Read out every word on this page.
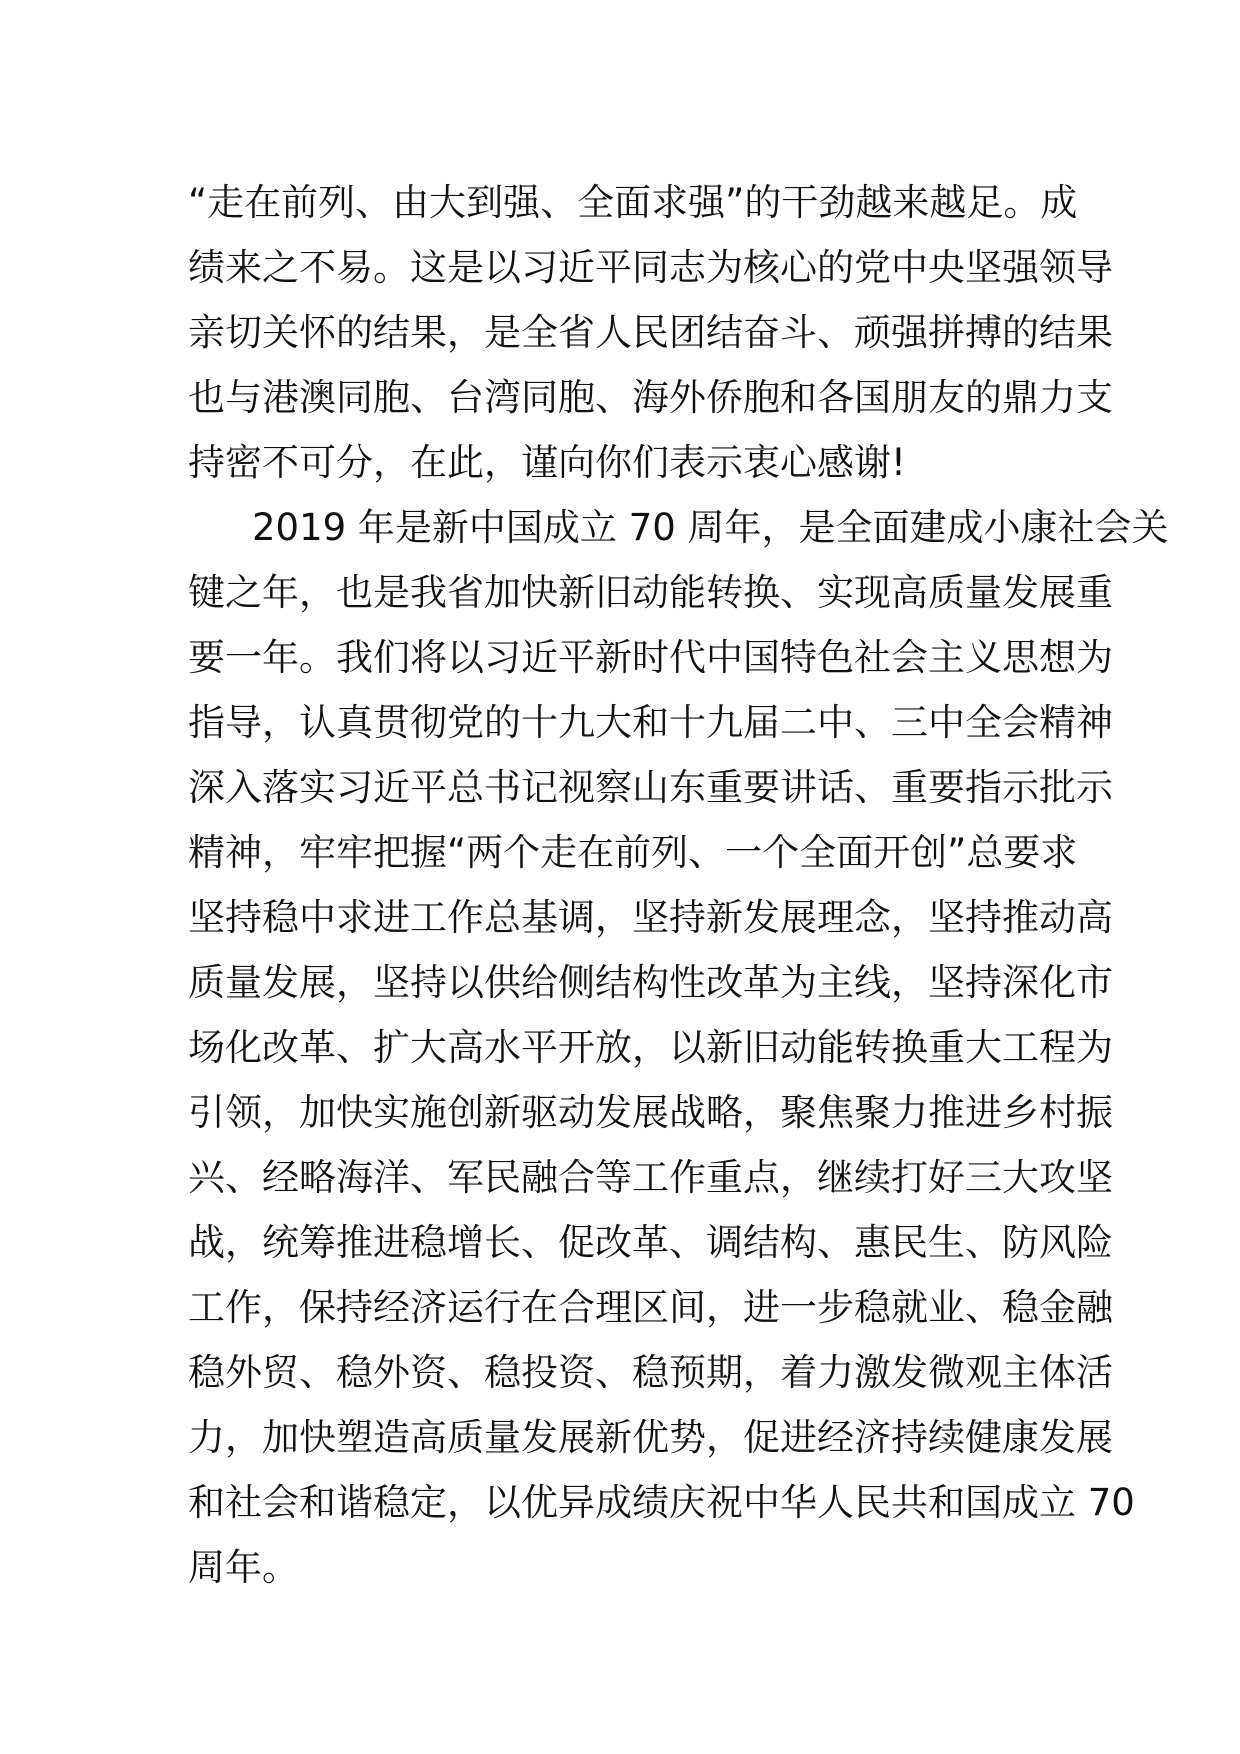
“走在前列、由大到强、全面求强”的干劲越来越足。成
绩来之不易。这是以习近平同志为核心的党中央坚强领导
亲切关怀的结果，是全省人民团结奋斗、顽强拼搏的结果
也与港澳同胞、台湾同胞、海外侨胞和各国朋友的鼎力支
持密不可分，在此，谨向你们表示衷心感谢!
2019 年是新中国成立 70 周年，是全面建成小康社会关
键之年，也是我省加快新旧动能转换、实现高质量发展重
要一年。我们将以习近平新时代中国特色社会主义思想为
指导，认真贯彻党的十九大和十九届二中、三中全会精神
深入落实习近平总书记视察山东重要讲话、重要指示批示
精神，牢牢把握“两个走在前列、一个全面开创”总要求
坚持稳中求进工作总基调，坚持新发展理念，坚持推动高
质量发展，坚持以供给侧结构性改革为主线，坚持深化市
场化改革、扩大高水平开放，以新旧动能转换重大工程为
引领，加快实施创新驱动发展战略，聚焦聚力推进乡村振
兴、经略海洋、军民融合等工作重点，继续打好三大攻坚
战，统筹推进稳增长、促改革、调结构、惠民生、防风险
工作，保持经济运行在合理区间，进一步稳就业、稳金融
稳外贸、稳外资、稳投资、稳预期，着力激发微观主体活
力，加快塑造高质量发展新优势，促进经济持续健康发展
和社会和谐稳定，以优异成绩庆祝中华人民共和国成立 70
周年。
